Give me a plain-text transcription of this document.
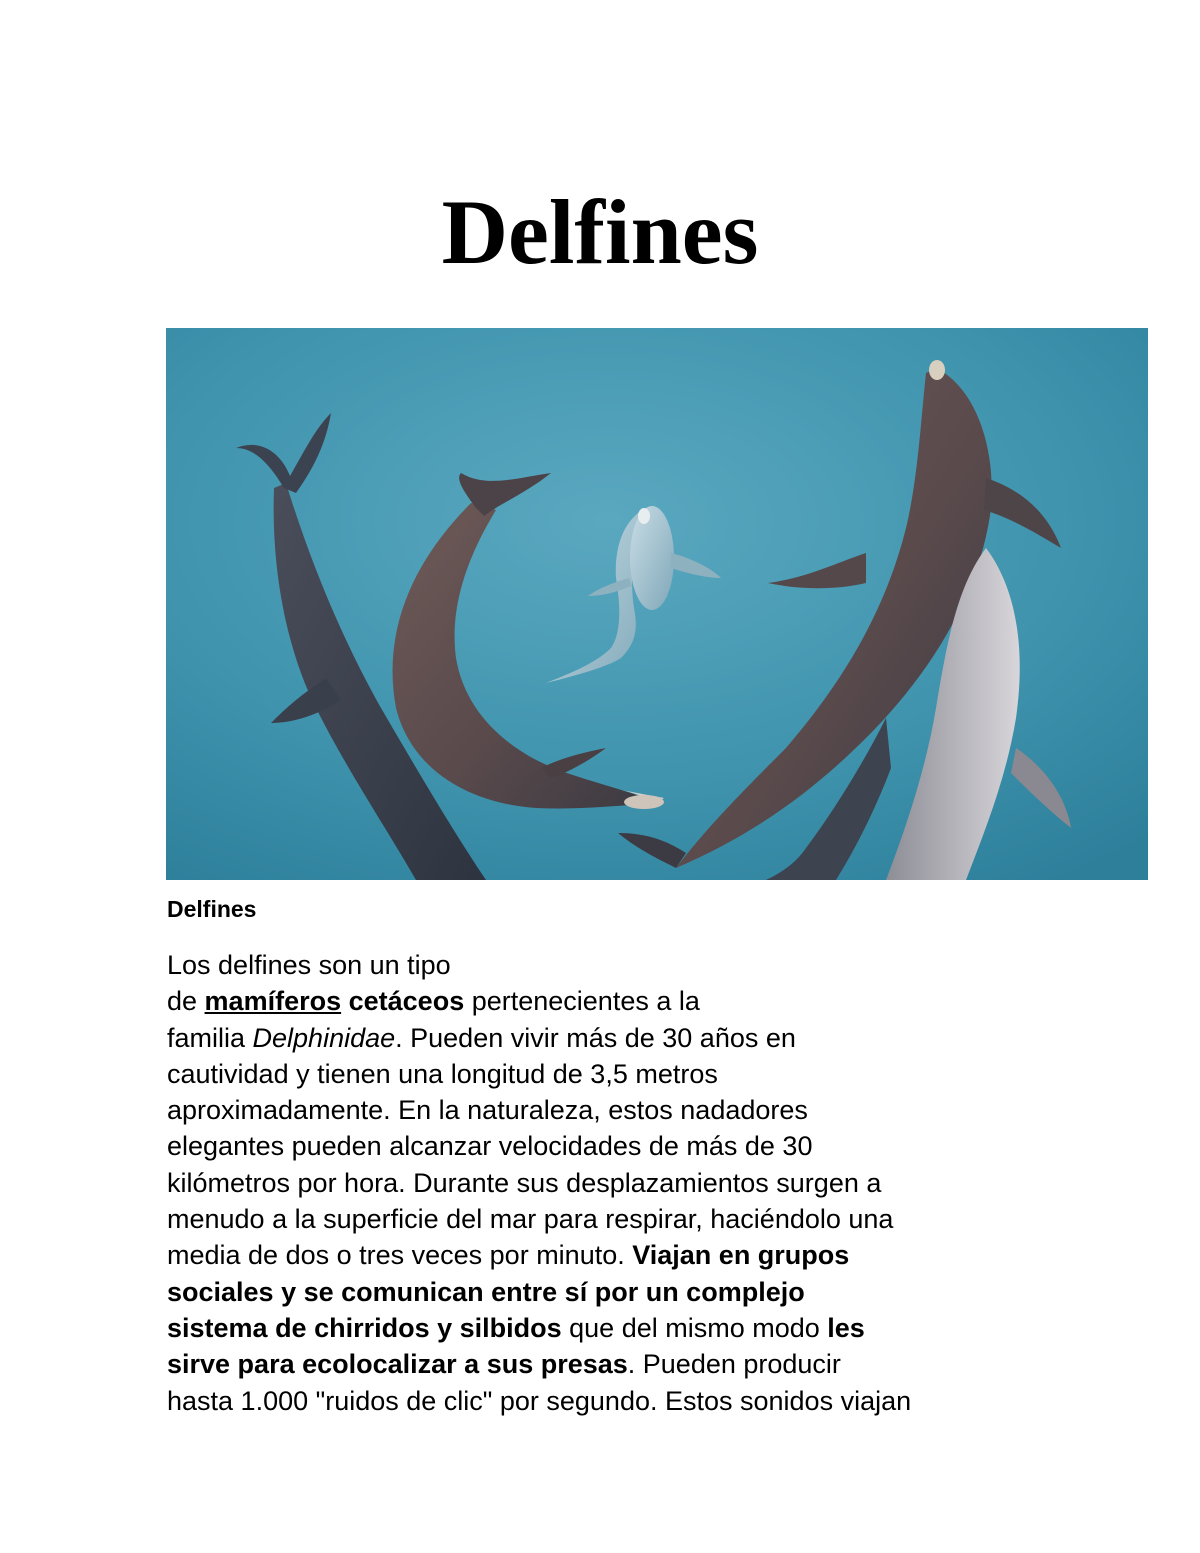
Delfines
Delfines
Los delfines son un tipo
de mamíferos cetáceos pertenecientes a la
familia Delphinidae. Pueden vivir más de 30 años en
cautividad y tienen una longitud de 3,5 metros
aproximadamente. En la naturaleza, estos nadadores
elegantes pueden alcanzar velocidades de más de 30
kilómetros por hora. Durante sus desplazamientos surgen a
menudo a la superficie del mar para respirar, haciéndolo una
media de dos o tres veces por minuto. Viajan en grupos
sociales y se comunican entre sí por un complejo
sistema de chirridos y silbidos que del mismo modo les
sirve para ecolocalizar a sus presas. Pueden producir
hasta 1.000 "ruidos de clic" por segundo. Estos sonidos viajan
